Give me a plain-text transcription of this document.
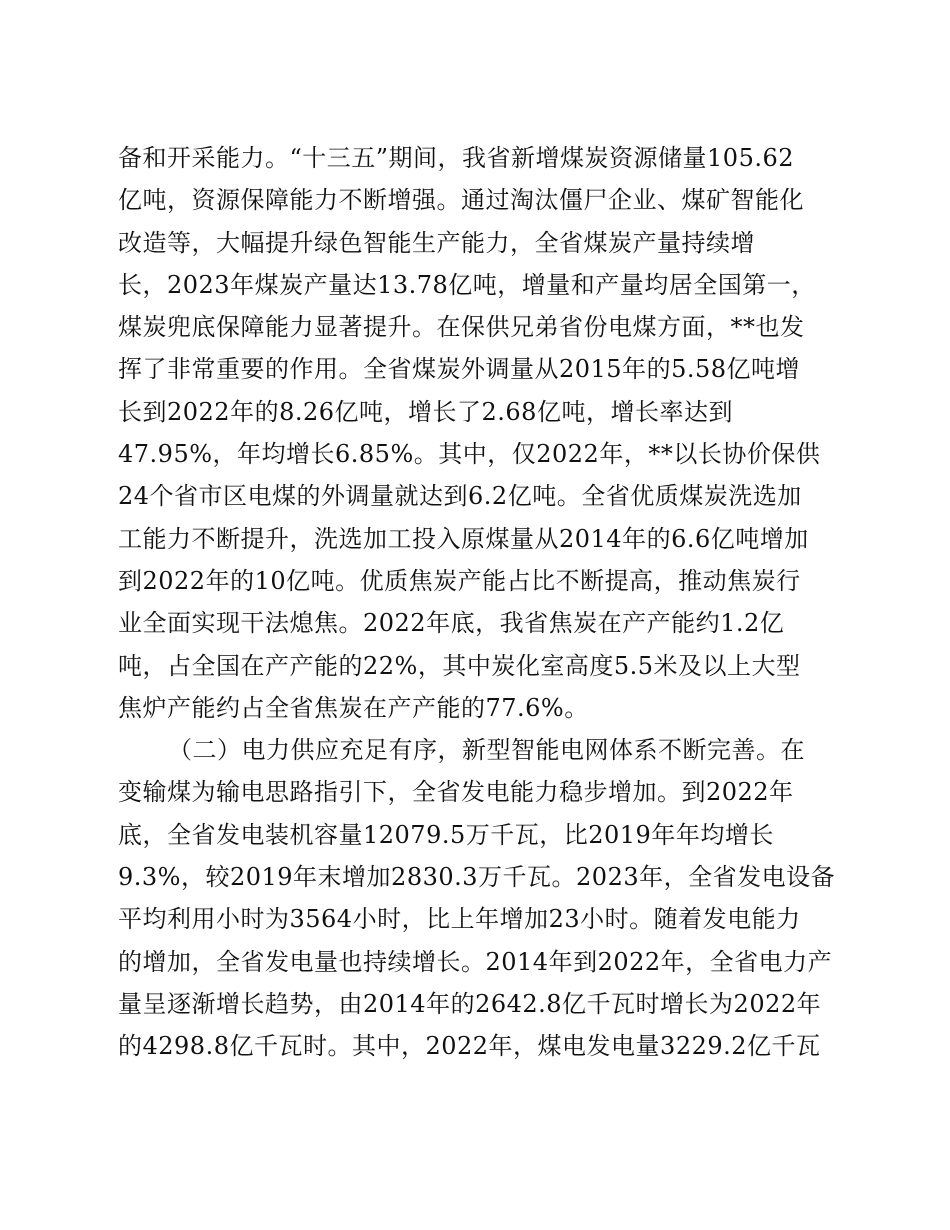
备和开采能力。“十三五”期间，我省新增煤炭资源储量105.62
亿吨，资源保障能力不断增强。通过淘汰僵尸企业、煤矿智能化
改造等，大幅提升绿色智能生产能力，全省煤炭产量持续增
长，2023年煤炭产量达13.78亿吨，增量和产量均居全国第一，
煤炭兜底保障能力显著提升。在保供兄弟省份电煤方面，**也发
挥了非常重要的作用。全省煤炭外调量从2015年的5.58亿吨增
长到2022年的8.26亿吨，增长了2.68亿吨，增长率达到
47.95%，年均增长6.85%。其中，仅2022年，**以长协价保供
24个省市区电煤的外调量就达到6.2亿吨。全省优质煤炭洗选加
工能力不断提升，洗选加工投入原煤量从2014年的6.6亿吨增加
到2022年的10亿吨。优质焦炭产能占比不断提高，推动焦炭行
业全面实现干法熄焦。2022年底，我省焦炭在产产能约1.2亿
吨，占全国在产产能的22%，其中炭化室高度5.5米及以上大型
焦炉产能约占全省焦炭在产产能的77.6%。
（二）电力供应充足有序，新型智能电网体系不断完善。在
变输煤为输电思路指引下，全省发电能力稳步增加。到2022年
底，全省发电装机容量12079.5万千瓦，比2019年年均增长
9.3%，较2019年末增加2830.3万千瓦。2023年，全省发电设备
平均利用小时为3564小时，比上年增加23小时。随着发电能力
的增加，全省发电量也持续增长。2014年到2022年，全省电力产
量呈逐渐增长趋势，由2014年的2642.8亿千瓦时增长为2022年
的4298.8亿千瓦时。其中，2022年，煤电发电量3229.2亿千瓦
